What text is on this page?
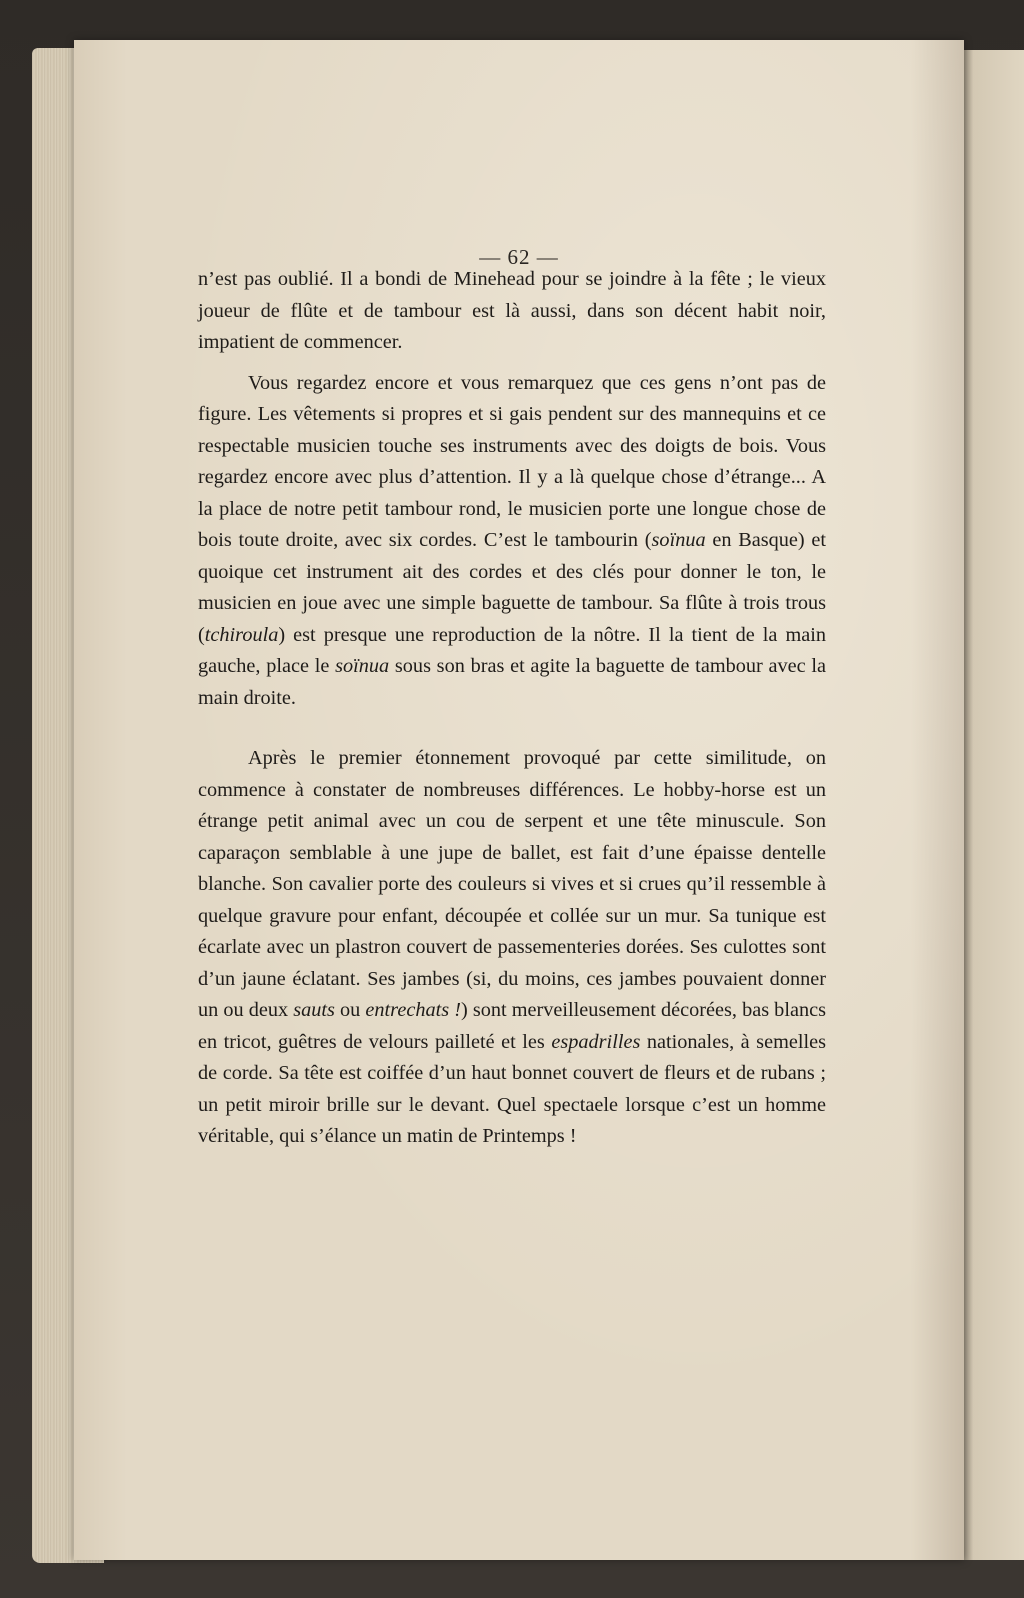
— 62 —

n’est pas oublié. Il a bondi de Minehead pour se joindre à la fête ; le vieux joueur de flûte et de tambour est là aussi, dans son décent habit noir, impatient de commencer.

Vous regardez encore et vous remarquez que ces gens n’ont pas de figure. Les vêtements si propres et si gais pendent sur des mannequins et ce respectable musicien touche ses instruments avec des doigts de bois. Vous regardez encore avec plus d’attention. Il y a là quelque chose d’étrange... A la place de notre petit tambour rond, le musicien porte une longue chose de bois toute droite, avec six cordes. C’est le tambourin (soïnua en Basque) et quoique cet instrument ait des cordes et des clés pour donner le ton, le musicien en joue avec une simple baguette de tambour. Sa flûte à trois trous (tchiroula) est presque une reproduction de la nôtre. Il la tient de la main gauche, place le soïnua sous son bras et agite la baguette de tambour avec la main droite.

Après le premier étonnement provoqué par cette similitude, on commence à constater de nombreuses différences. Le hobby-horse est un étrange petit animal avec un cou de serpent et une tête minuscule. Son caparaçon semblable à une jupe de ballet, est fait d’une épaisse dentelle blanche. Son cavalier porte des couleurs si vives et si crues qu’il ressemble à quelque gravure pour enfant, découpée et collée sur un mur. Sa tunique est écarlate avec un plastron couvert de passementeries dorées. Ses culottes sont d’un jaune éclatant. Ses jambes (si, du moins, ces jambes pouvaient donner un ou deux sauts ou entrechats !) sont merveilleusement décorées, bas blancs en tricot, guêtres de velours pailleté et les espadrilles nationales, à semelles de corde. Sa tête est coiffée d’un haut bonnet couvert de fleurs et de rubans ; un petit miroir brille sur le devant. Quel spectaele lorsque c’est un homme véritable, qui s’élance un matin de Printemps !
